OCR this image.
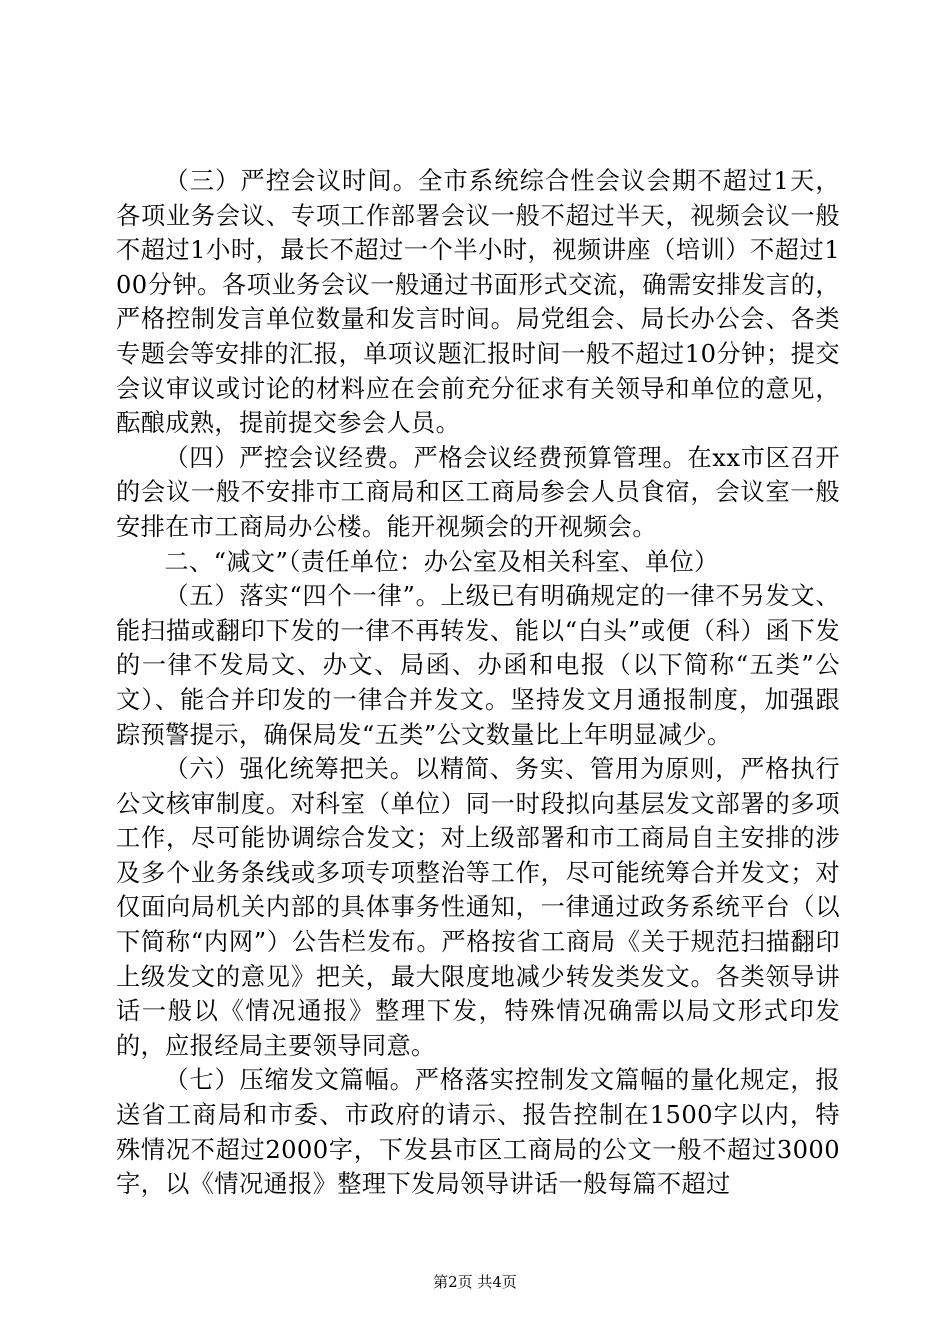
（三）严控会议时间。全市系统综合性会议会期不超过1天，各项业务会议、专项工作部署会议一般不超过半天，视频会议一般不超过1小时，最长不超过一个半小时，视频讲座（培训）不超过100分钟。各项业务会议一般通过书面形式交流，确需安排发言的，严格控制发言单位数量和发言时间。局党组会、局长办公会、各类专题会等安排的汇报，单项议题汇报时间一般不超过10分钟；提交会议审议或讨论的材料应在会前充分征求有关领导和单位的意见，酝酿成熟，提前提交参会人员。

（四）严控会议经费。严格会议经费预算管理。在xx市区召开的会议一般不安排市工商局和区工商局参会人员食宿，会议室一般安排在市工商局办公楼。能开视频会的开视频会。

二、“减文”（责任单位：办公室及相关科室、单位）

（五）落实“四个一律”。上级已有明确规定的一律不另发文、能扫描或翻印下发的一律不再转发、能以“白头”或便（科）函下发的一律不发局文、办文、局函、办函和电报（以下简称“五类”公文）、能合并印发的一律合并发文。坚持发文月通报制度，加强跟踪预警提示，确保局发“五类”公文数量比上年明显减少。

（六）强化统筹把关。以精简、务实、管用为原则，严格执行公文核审制度。对科室（单位）同一时段拟向基层发文部署的多项工作，尽可能协调综合发文；对上级部署和市工商局自主安排的涉及多个业务条线或多项专项整治等工作，尽可能统筹合并发文；对仅面向局机关内部的具体事务性通知，一律通过政务系统平台（以下简称“内网”）公告栏发布。严格按省工商局《关于规范扫描翻印上级发文的意见》把关，最大限度地减少转发类发文。各类领导讲话一般以《情况通报》整理下发，特殊情况确需以局文形式印发的，应报经局主要领导同意。

（七）压缩发文篇幅。严格落实控制发文篇幅的量化规定，报送省工商局和市委、市政府的请示、报告控制在1500字以内，特殊情况不超过2000字，下发县市区工商局的公文一般不超过3000字，以《情况通报》整理下发局领导讲话一般每篇不超过

第2页 共4页
